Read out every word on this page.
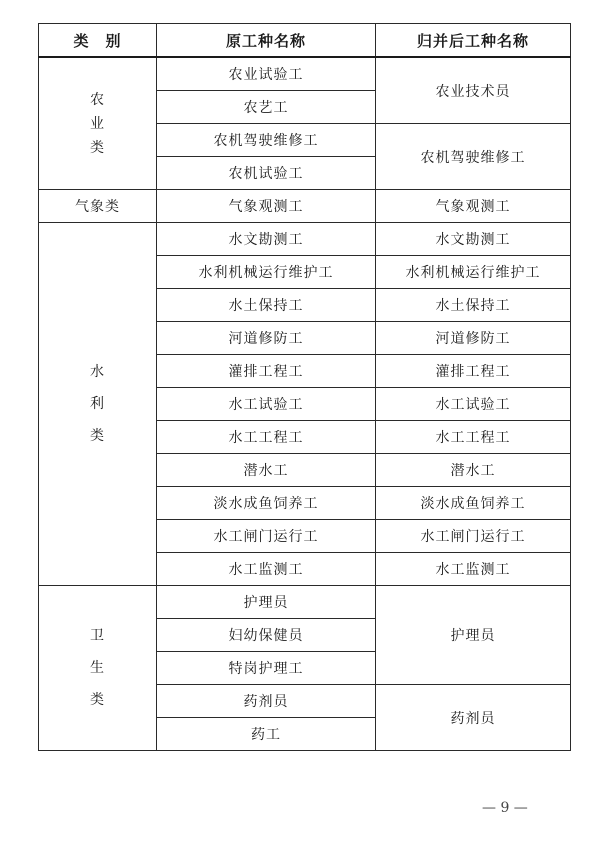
类　别	原工种名称	归并后工种名称

农
业
类	农业试验工	农业技术员
	农艺工	
	农机驾驶维修工	农机驾驶维修工
	农机试验工	
气象类	气象观测工	气象观测工

水
利
类	水文勘测工	水文勘测工
	水利机械运行维护工	水利机械运行维护工
	水土保持工	水土保持工
	河道修防工	河道修防工
	灌排工程工	灌排工程工
	水工试验工	水工试验工
	水工工程工	水工工程工
	潜水工	潜水工
	淡水成鱼饲养工	淡水成鱼饲养工
	水工闸门运行工	水工闸门运行工
	水工监测工	水工监测工

卫
生
类	护理员	护理员
	妇幼保健员	
	特岗护理工	
	药剂员	药剂员
	药工	
— 9 —
